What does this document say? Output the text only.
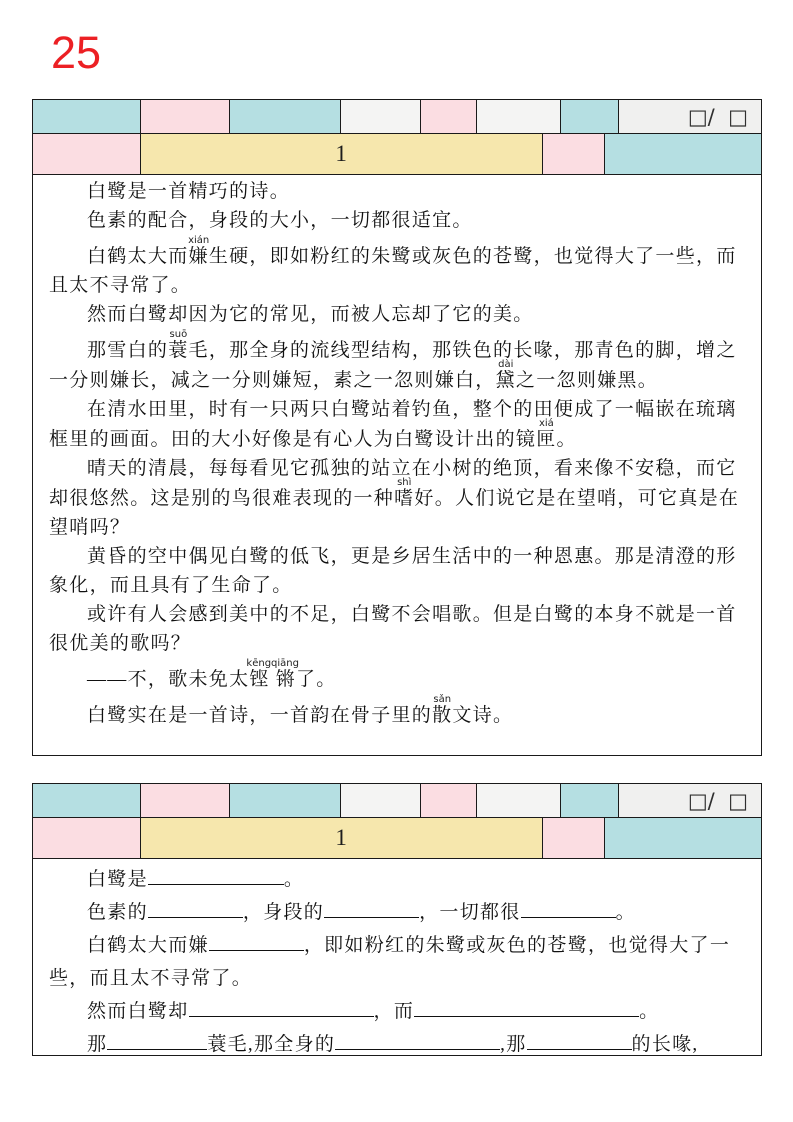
25
□/  □
1

白鹭是一首精巧的诗。

色素的配合，身段的大小，一切都很适宜。

白鹤太大而嫌xián生硬，即如粉红的朱鹭或灰色的苍鹭，也觉得大了一些，而且太不寻常了。

然而白鹭却因为它的常见，而被人忘却了它的美。

那雪白的蓑suō毛，那全身的流线型结构，那铁色的长喙，那青色的脚，增之一分则嫌长，减之一分则嫌短，素之一忽则嫌白，黛dài之一忽则嫌黑。

在清水田里，时有一只两只白鹭站着钓鱼，整个的田便成了一幅嵌在琉璃框里的画面。田的大小好像是有心人为白鹭设计出的镜匣xiá。

晴天的清晨，每每看见它孤独的站立在小树的绝顶，看来像不安稳，而它却很悠然。这是别的鸟很难表现的一种嗜shì好。人们说它是在望哨，可它真是在望哨吗？

黄昏的空中偶见白鹭的低飞，更是乡居生活中的一种恩惠。那是清澄的形象化，而且具有了生命了。

或许有人会感到美中的不足，白鹭不会唱歌。但是白鹭的本身不就是一首很优美的歌吗？

——不，歌未免太铿锵kēngqiāng了。

白鹭实在是一首诗，一首韵在骨子里的散sǎn文诗。

□/  □
1

白鹭是	。

色素的	，身段的	，一切都很	。

白鹤太大而嫌	，即如粉红的朱鹭或灰色的苍鹭，也觉得大了一些，而且太不寻常了。

然而白鹭却	，而	。

那	蓑毛,那全身的	,那	的长喙,
